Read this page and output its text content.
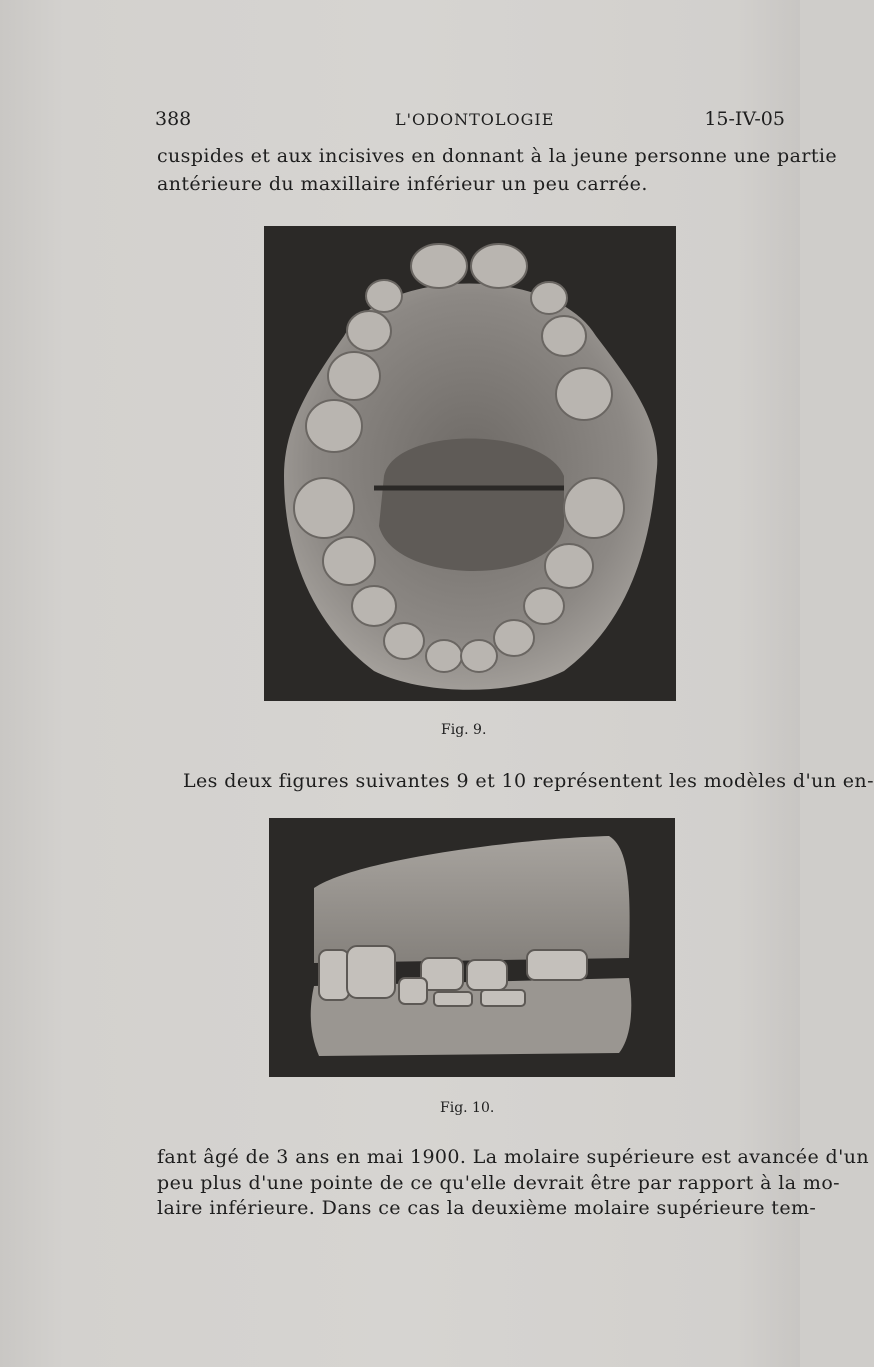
388	L'ODONTOLOGIE	15-IV-05
cuspides et aux incisives en donnant à la jeune personne une partie
antérieure du maxillaire inférieur un peu carrée.
Fig. 9.
Les deux figures suivantes 9 et 10 représentent les modèles d'un en-
Fig. 10.
fant âgé de 3 ans en mai 1900. La molaire supérieure est avancée d'un
peu plus d'une pointe de ce qu'elle devrait être par rapport à la mo-
laire inférieure. Dans ce cas la deuxième molaire supérieure tem-
